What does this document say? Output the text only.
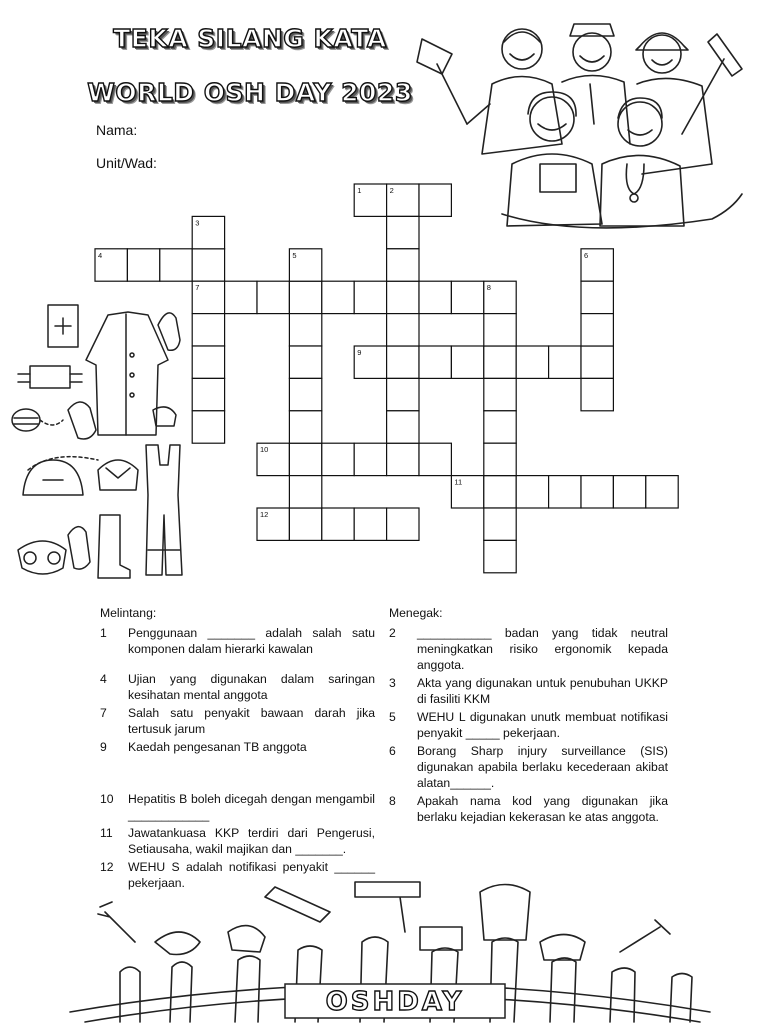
TEKA SILANG KATA
WORLD OSH DAY 2023
Nama:
Unit/Wad:
1	2
3
4	5	6
7	8
9
10
11
12
Melintang:
1	Penggunaan _______ adalah salah satu komponen dalam hierarki kawalan
4	Ujian yang digunakan dalam saringan kesihatan mental anggota
7	Salah satu penyakit bawaan darah jika tertusuk jarum
9	Kaedah pengesanan TB anggota
10	Hepatitis B boleh dicegah dengan mengambil ____________
11	Jawatankuasa KKP terdiri dari Pengerusi, Setiausaha, wakil majikan dan _______.
12	WEHU S adalah notifikasi penyakit ______ pekerjaan.
Menegak:
2	___________ badan yang tidak neutral meningkatkan risiko ergonomik kepada anggota.
3	Akta yang digunakan untuk penubuhan UKKP di fasiliti KKM
5	WEHU L digunakan unutk membuat notifikasi penyakit _____ pekerjaan.
6	Borang Sharp injury surveillance (SIS) digunakan apabila berlaku kecederaan akibat alatan______.
8	Apakah nama kod yang digunakan jika berlaku kejadian kekerasan ke atas anggota.
OSHDAY
